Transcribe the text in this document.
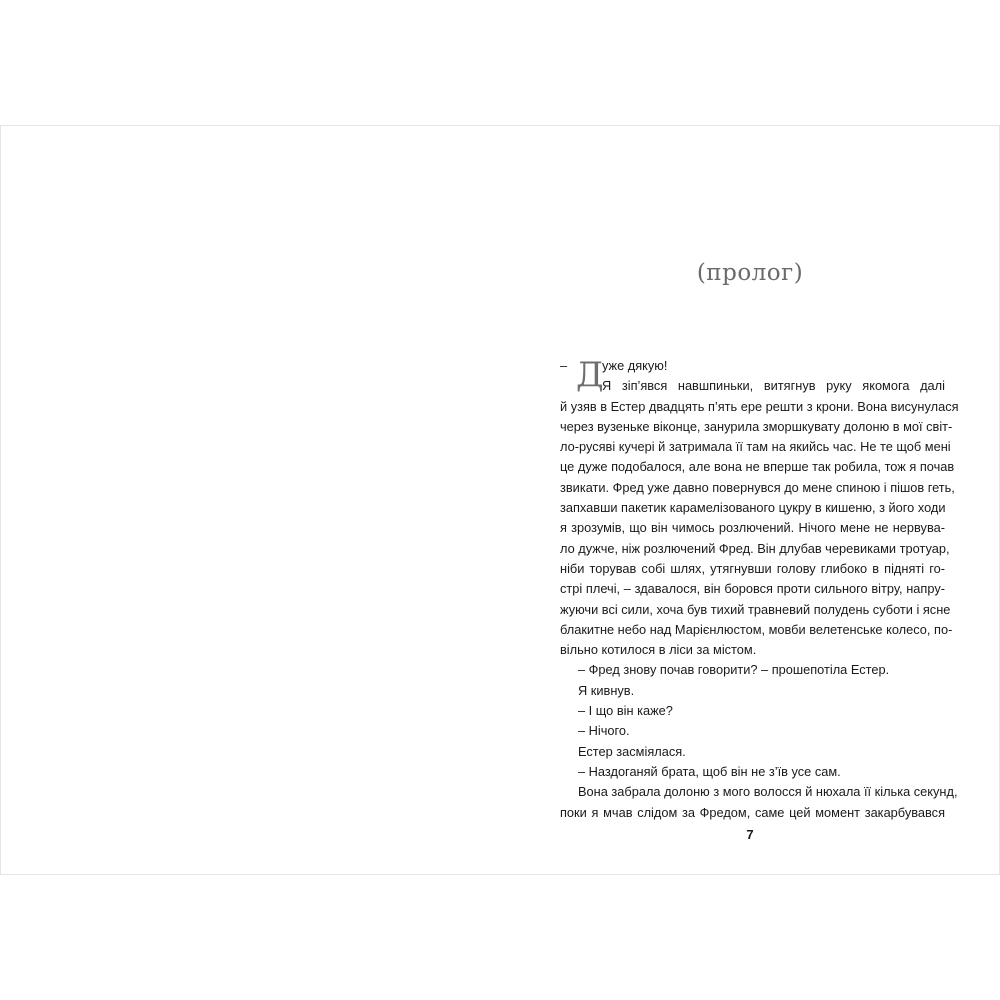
(пролог)
– Д
уже дякую!
Я зіп’явся навшпиньки, витягнув руку якомога далі
й узяв в Естер двадцять п’ять ере решти з крони. Вона висунулася
через вузеньке віконце, занурила зморшкувату долоню в мої світ-
ло-русяві кучері й затримала її там на якийсь час. Не те щоб мені
це дуже подобалося, але вона не вперше так робила, тож я почав
звикати. Фред уже давно повернувся до мене спиною і пішов геть,
запхавши пакетик карамелізованого цукру в кишеню, з його ходи
я зрозумів, що він чимось розлючений. Нічого мене не нервува-
ло дужче, ніж розлючений Фред. Він длубав черевиками тротуар,
ніби торував собі шлях, утягнувши голову глибоко в підняті го-
стрі плечі, – здавалося, він боровся проти сильного вітру, напру-
жуючи всі сили, хоча був тихий травневий полудень суботи і ясне
блакитне небо над Марієнлюстом, мовби велетенське колесо, по-
вільно котилося в ліси за містом.
– Фред знову почав говорити? – прошепотіла Естер.
Я кивнув.
– І що він каже?
– Нічого.
Естер засміялася.
– Наздоганяй брата, щоб він не з’їв усе сам.
Вона забрала долоню з мого волосся й нюхала її кілька секунд,
поки я мчав слідом за Фредом, саме цей момент закарбувався
7
